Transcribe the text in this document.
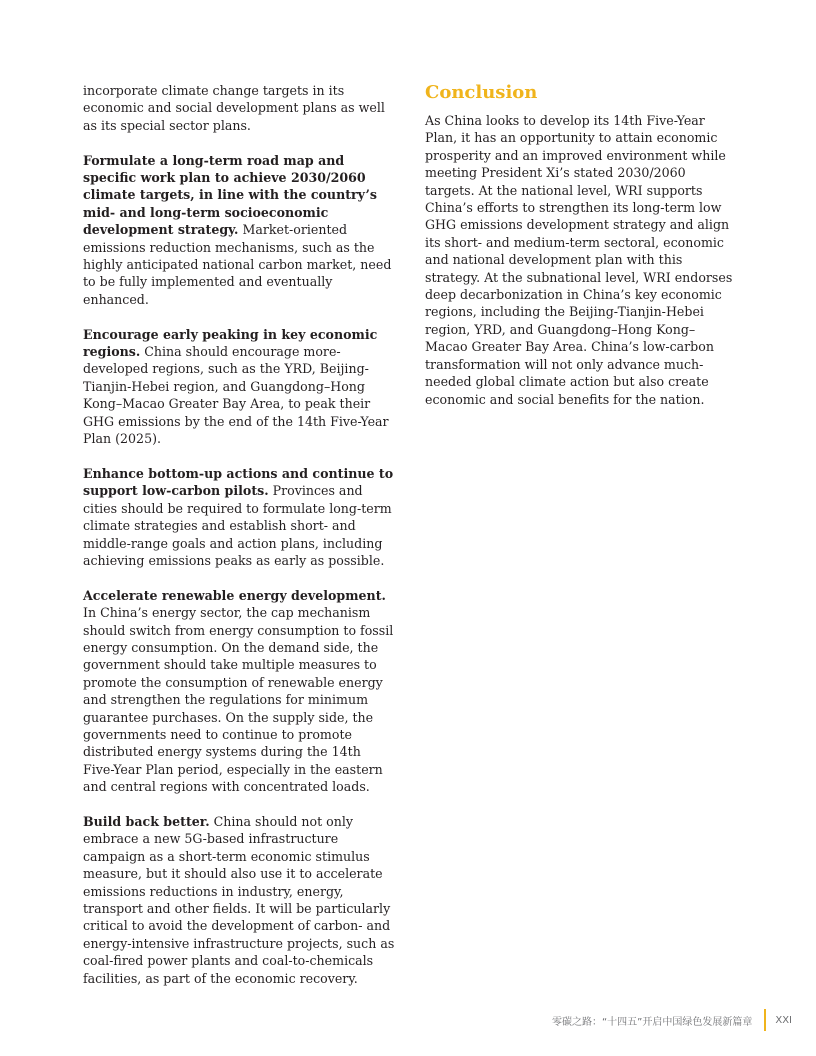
incorporate climate change targets in its economic and social development plans as well as its special sector plans.

Formulate a long-term road map and specific work plan to achieve 2030/2060 climate targets, in line with the country’s mid- and long-term socioeconomic development strategy. Market-oriented emissions reduction mechanisms, such as the highly anticipated national carbon market, need to be fully implemented and eventually enhanced.

Encourage early peaking in key economic regions. China should encourage more-developed regions, such as the YRD, Beijing-Tianjin-Hebei region, and Guangdong–Hong Kong–Macao Greater Bay Area, to peak their GHG emissions by the end of the 14th Five-Year Plan (2025).

Enhance bottom-up actions and continue to support low-carbon pilots. Provinces and cities should be required to formulate long-term climate strategies and establish short- and middle-range goals and action plans, including achieving emissions peaks as early as possible.

Accelerate renewable energy development. In China’s energy sector, the cap mechanism should switch from energy consumption to fossil energy consumption. On the demand side, the government should take multiple measures to promote the consumption of renewable energy and strengthen the regulations for minimum guarantee purchases. On the supply side, the governments need to continue to promote distributed energy systems during the 14th Five-Year Plan period, especially in the eastern and central regions with concentrated loads.

Build back better. China should not only embrace a new 5G-based infrastructure campaign as a short-term economic stimulus measure, but it should also use it to accelerate emissions reductions in industry, energy, transport and other fields. It will be particularly critical to avoid the development of carbon- and energy-intensive infrastructure projects, such as coal-fired power plants and coal-to-chemicals facilities, as part of the economic recovery.

Conclusion

As China looks to develop its 14th Five-Year Plan, it has an opportunity to attain economic prosperity and an improved environment while meeting President Xi’s stated 2030/2060 targets. At the national level, WRI supports China’s efforts to strengthen its long-term low GHG emissions development strategy and align its short- and medium-term sectoral, economic and national development plan with this strategy. At the subnational level, WRI endorses deep decarbonization in China’s key economic regions, including the Beijing-Tianjin-Hebei region, YRD, and Guangdong–Hong Kong–Macao Greater Bay Area. China’s low-carbon transformation will not only advance much-needed global climate action but also create economic and social benefits for the nation.

零碳之路：“十四五”开启中国绿色发展新篇章 XXI
